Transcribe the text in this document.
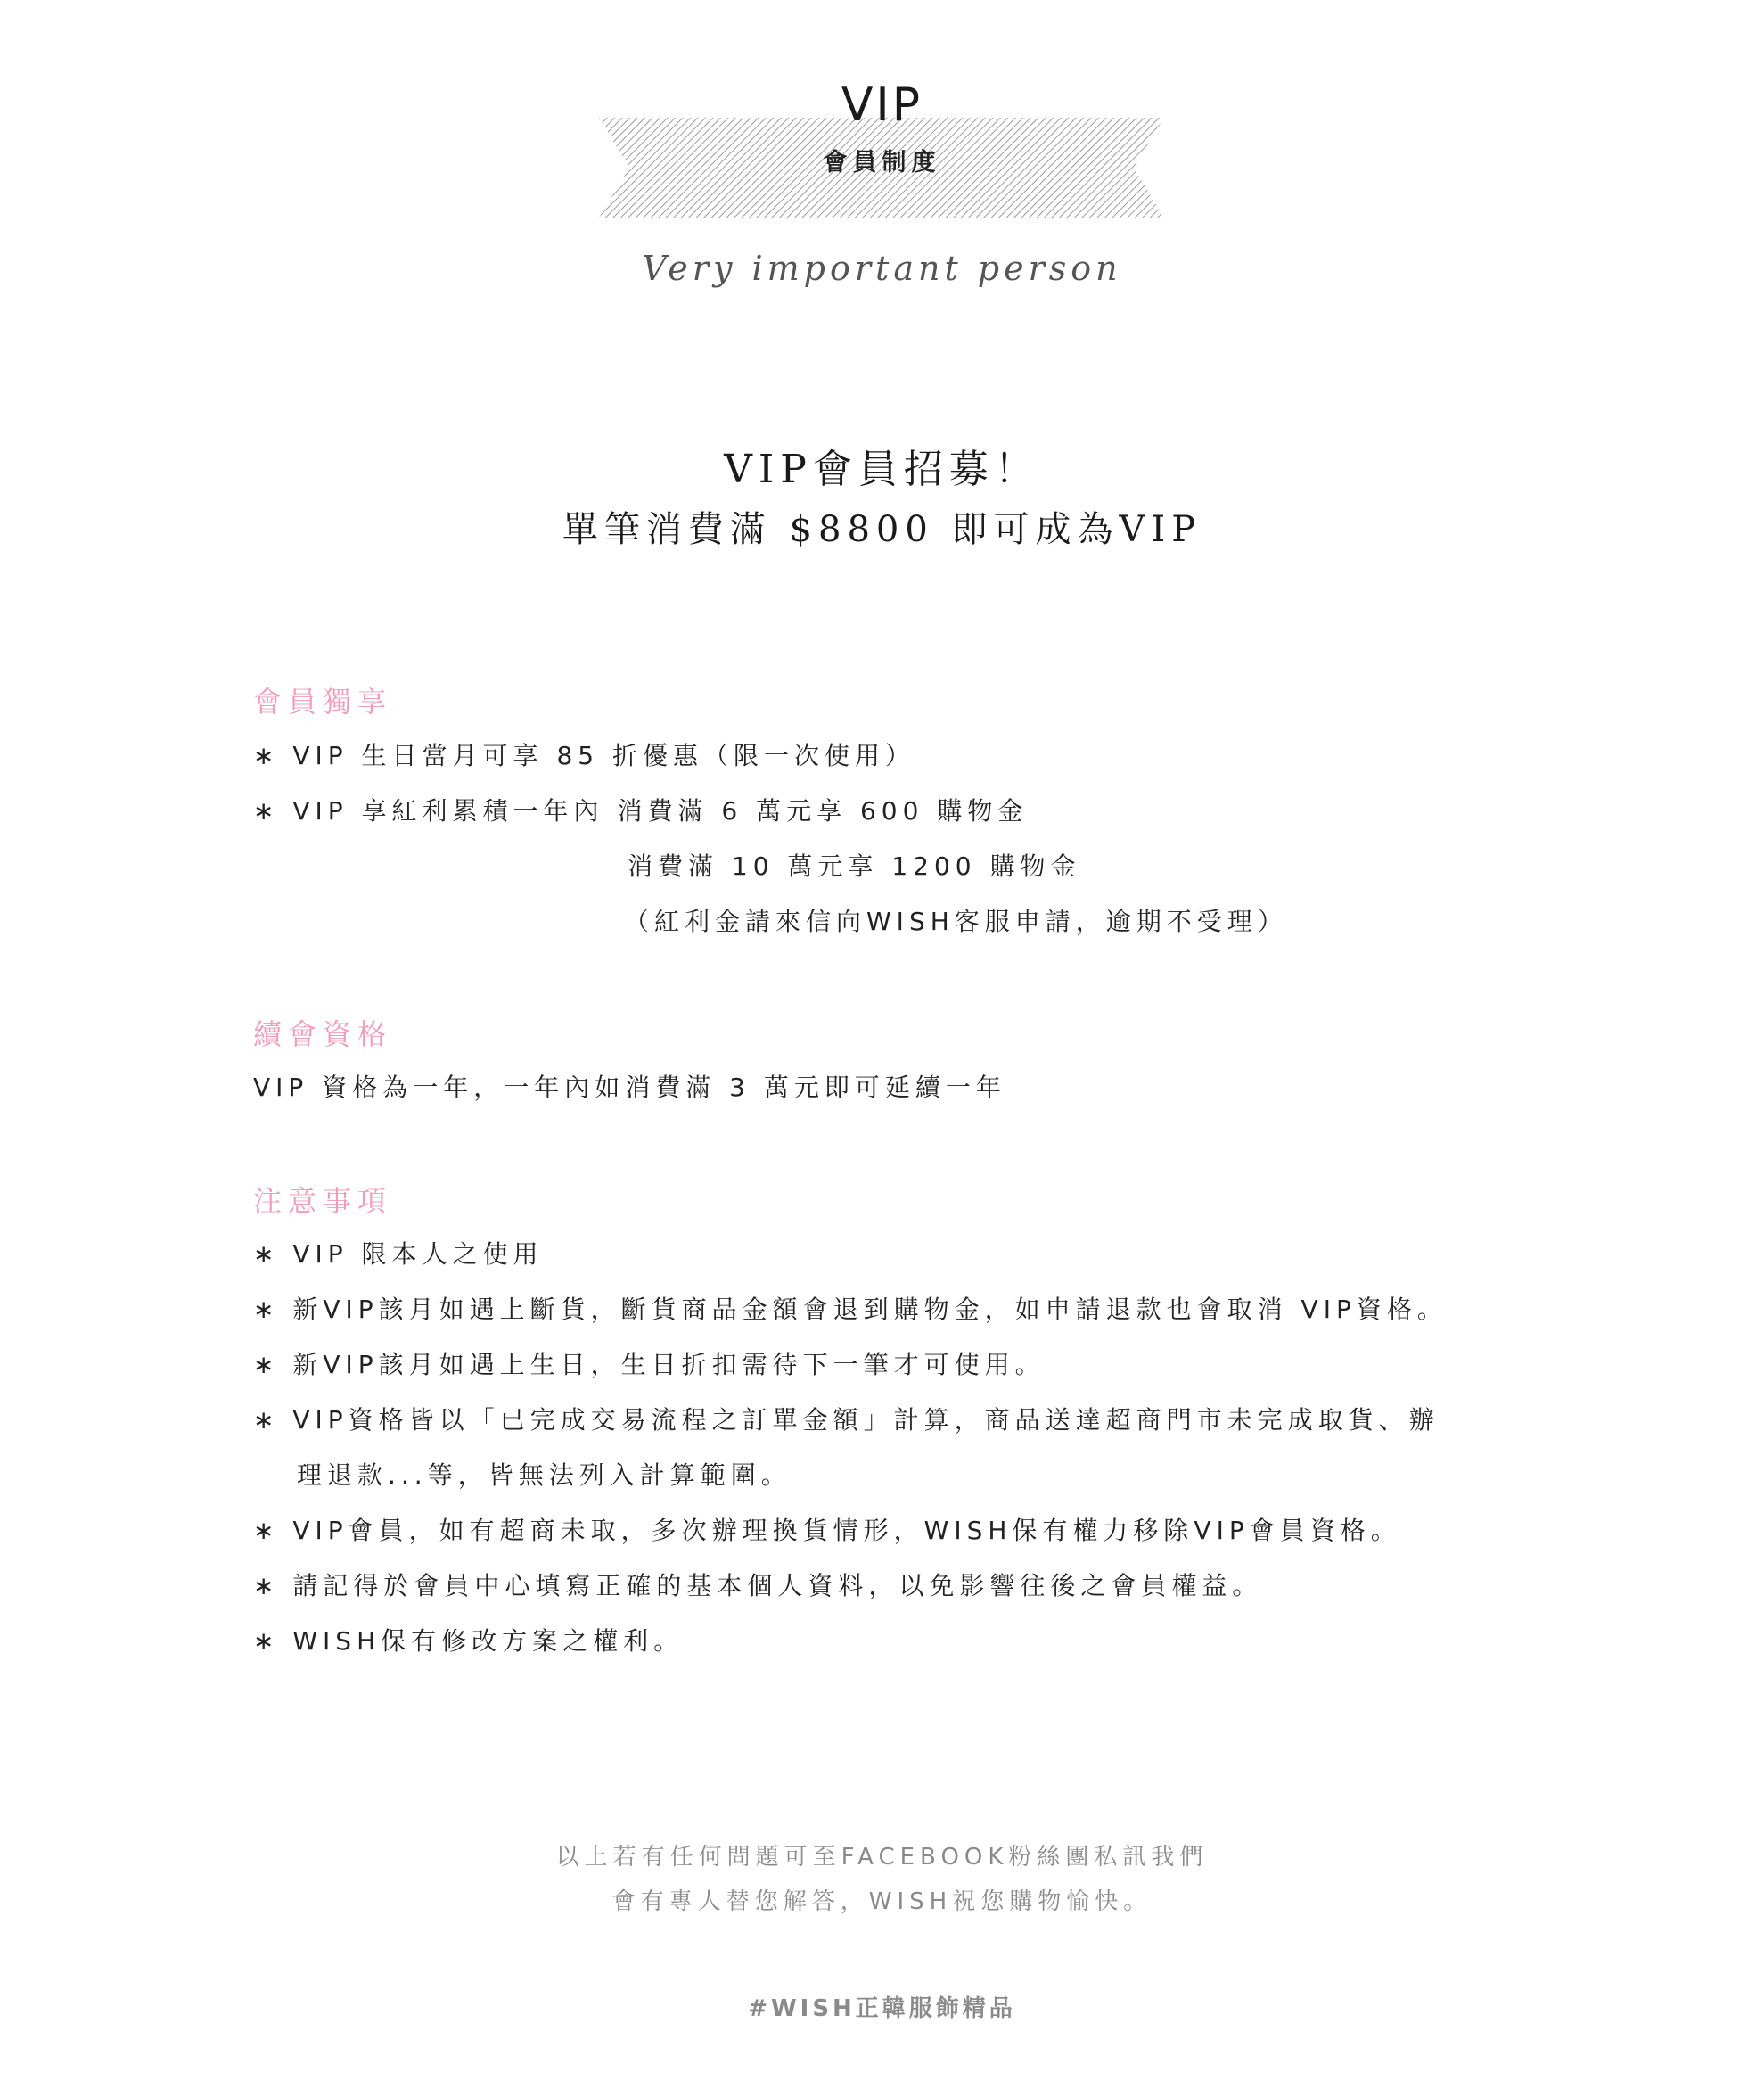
VIP
會員制度
Very important person
VIP會員招募！
單筆消費滿 $8800 即可成為VIP
會員獨享
∗ VIP 生日當月可享 85 折優惠（限一次使用）
∗ VIP 享紅利累積一年內 消費滿 6 萬元享 600 購物金
消費滿 10 萬元享 1200 購物金
（紅利金請來信向WISH客服申請，逾期不受理）
續會資格
VIP 資格為一年，一年內如消費滿 3 萬元即可延續一年
注意事項
∗ VIP 限本人之使用
∗ 新VIP該月如遇上斷貨，斷貨商品金額會退到購物金，如申請退款也會取消 VIP資格。
∗ 新VIP該月如遇上生日，生日折扣需待下一筆才可使用。
∗ VIP資格皆以「已完成交易流程之訂單金額」計算，商品送達超商門市未完成取貨、辦
理退款...等，皆無法列入計算範圍。
∗ VIP會員，如有超商未取，多次辦理換貨情形，WISH保有權力移除VIP會員資格。
∗ 請記得於會員中心填寫正確的基本個人資料，以免影響往後之會員權益。
∗ WISH保有修改方案之權利。
以上若有任何問題可至FACEBOOK粉絲團私訊我們
會有專人替您解答，WISH祝您購物愉快。
#WISH正韓服飾精品
